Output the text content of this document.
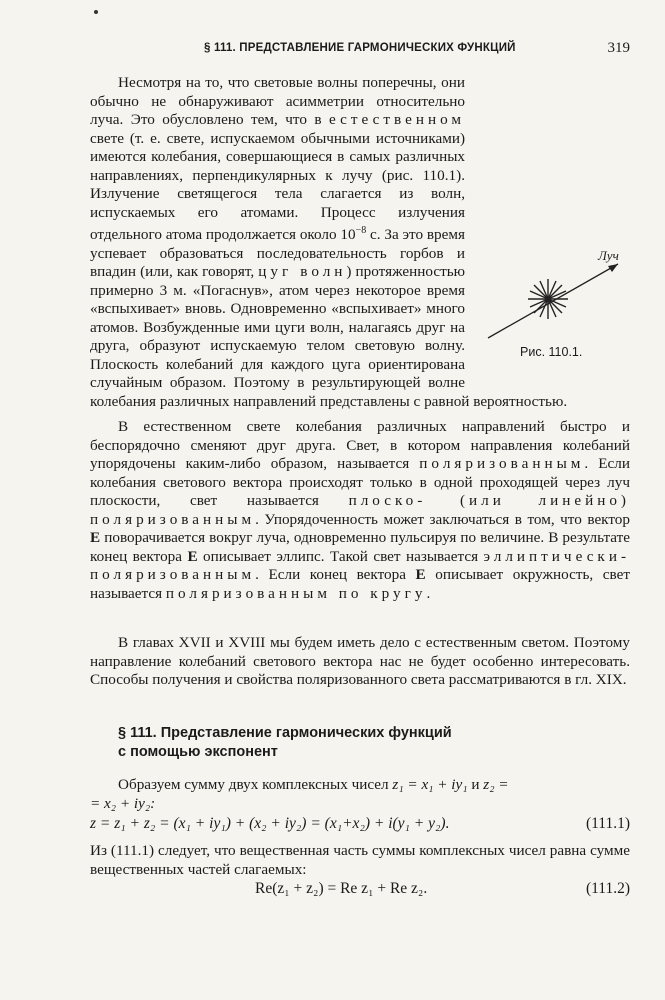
§ 111. ПРЕДСТАВЛЕНИЕ ГАРМОНИЧЕСКИХ ФУНКЦИЙ	319

Несмотря на то, что световые волны поперечны, они обычно не обнаруживают асимметрии относительно луча. Это обусловлено тем, что в естественном свете (т. е. свете, испускаемом обычными источниками) имеются колебания, совершающиеся в самых различных направлениях, перпендикулярных к лучу (рис. 110.1). Излучение светящегося тела слагается из волн, испускаемых его атомами. Процесс излучения отдельного атома продолжается около $10^{-8}$ с. За это время успевает образоваться последовательность горбов и впадин (или, как говорят, цуг волн) протяженностью примерно 3 м. «Погаснув», атом через некоторое время «вспыхивает» вновь. Одновременно «вспыхивает» много атомов. Возбужденные ими цуги волн, налагаясь друг на друга, образуют испускаемую телом световую волну. Плоскость колебаний для каждого цуга ориентирована случайным образом. Поэтому в результирующей волне колебания различных направлений представлены с равной вероятностью.

Луч
Рис. 110.1.

В естественном свете колебания различных направлений быстро и беспорядочно сменяют друг друга. Свет, в котором направления колебаний упорядочены каким-либо образом, называется поляризованным. Если колебания светового вектора происходят только в одной проходящей через луч плоскости, свет называется плоско- (или линейно) поляризованным. Упорядоченность может заключаться в том, что вектор E поворачивается вокруг луча, одновременно пульсируя по величине. В результате конец вектора E описывает эллипс. Такой свет называется эллиптически-поляризованным. Если конец вектора E описывает окружность, свет называется поляризованным по кругу.

В главах XVII и XVIII мы будем иметь дело с естественным светом. Поэтому направление колебаний светового вектора нас не будет особенно интересовать. Способы получения и свойства поляризованного света рассматриваются в гл. XIX.

§ 111. Представление гармонических функций
с помощью экспонент

Образуем сумму двух комплексных чисел z₁ = x₁ + iy₁ и z₂ =

= x₂ + iy₂:
z = z₁ + z₂ = (x₁ + iy₁) + (x₂ + iy₂) = (x₁+x₂) + i(y₁ + y₂).	(111.1)

Из (111.1) следует, что вещественная часть суммы комплексных чисел равна сумме вещественных частей слагаемых:

Re(z₁ + z₂) = Re z₁ + Re z₂.	(111.2)
